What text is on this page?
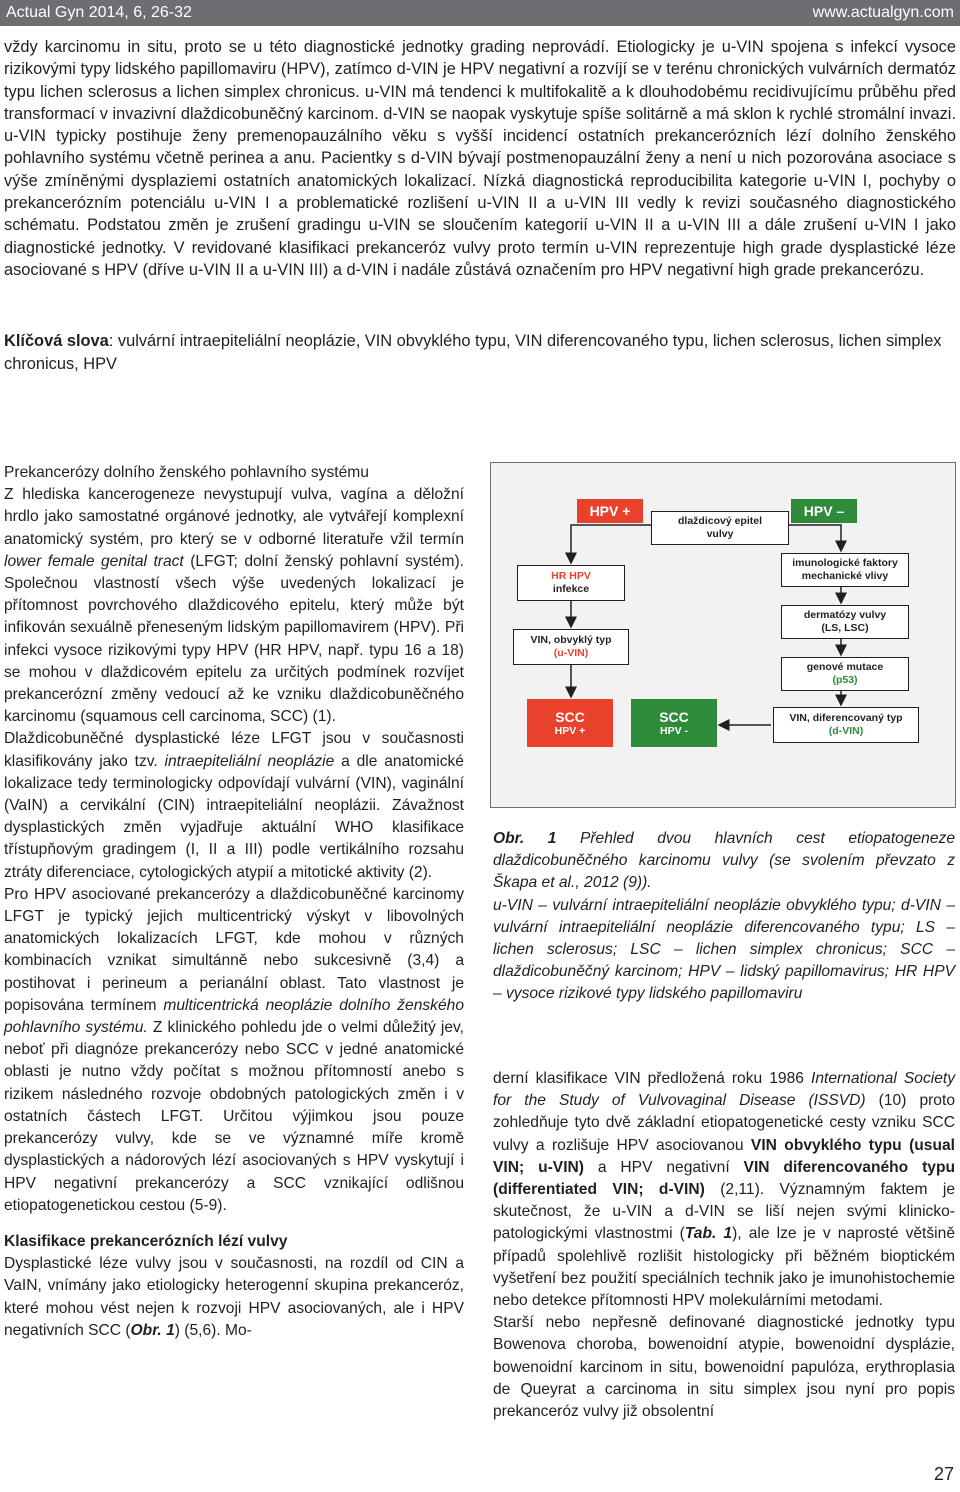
Actual Gyn 2014, 6, 26-32	www.actualgyn.com

vždy karcinomu in situ, proto se u této diagnostické jednotky grading neprovádí. Etiologicky je u-VIN spojena s infekcí vysoce rizikovými typy lidského papillomaviru (HPV), zatímco d-VIN je HPV negativní a rozvíjí se v terénu chronických vulvárních dermatóz typu lichen sclerosus a lichen simplex chronicus. u-VIN má tendenci k multifokalitě a k dlouhodobému recidivujícímu průběhu před transformací v invazivní dlaždicobuněčný karcinom. d-VIN se naopak vyskytuje spíše solitárně a má sklon k rychlé stromální invazi. u-VIN typicky postihuje ženy premenopauzálního věku s vyšší incidencí ostatních prekancerózních lézí dolního ženského pohlavního systému včetně perinea a anu. Pacientky s d-VIN bývají postmenopauzální ženy a není u nich pozorována asociace s výše zmíněnými dysplaziemi ostatních anatomických lokalizací. Nízká diagnostická reproducibilita kategorie u-VIN I, pochyby o prekancerózním potenciálu u-VIN I a problematické rozlišení u-VIN II a u-VIN III vedly k revizi současného diagnostického schématu. Podstatou změn je zrušení gradingu u-VIN se sloučením kategorií u-VIN II a u-VIN III a dále zrušení u-VIN I jako diagnostické jednotky. V revidované klasifikaci prekanceróz vulvy proto termín u-VIN reprezentuje high grade dysplastické léze asociované s HPV (dříve u-VIN II a u-VIN III) a d-VIN i nadále zůstává označením pro HPV negativní high grade prekancerózu.

Klíčová slova: vulvární intraepiteliální neoplázie, VIN obvyklého typu, VIN diferencovaného typu, lichen sclerosus, lichen simplex chronicus, HPV

Prekancerózy dolního ženského pohlavního systému

Z hlediska kancerogeneze nevystupují vulva, vagína a děložní hrdlo jako samostatné orgánové jednotky, ale vytvářejí komplexní anatomický systém, pro který se v odborné literatuře vžil termín lower female genital tract (LFGT; dolní ženský pohlavní systém). Společnou vlastností všech výše uvedených lokalizací je přítomnost povrchového dlaždicového epitelu, který může být infikován sexuálně přeneseným lidským papillomavirem (HPV). Při infekci vysoce rizikovými typy HPV (HR HPV, např. typu 16 a 18) se mohou v dlaždicovém epitelu za určitých podmínek rozvíjet prekancerózní změny vedoucí až ke vzniku dlaždicobuněčného karcinomu (squamous cell carcinoma, SCC) (1).

Dlaždicobuněčné dysplastické léze LFGT jsou v současnosti klasifikovány jako tzv. intraepiteliální neoplázie a dle anatomické lokalizace tedy terminologicky odpovídají vulvární (VIN), vaginální (VaIN) a cervikální (CIN) intraepiteliální neoplázii. Závažnost dysplastických změn vyjadřuje aktuální WHO klasifikace třístupňovým gradingem (I, II a III) podle vertikálního rozsahu ztráty diferenciace, cytologických atypií a mitotické aktivity (2).

Pro HPV asociované prekancerózy a dlaždicobuněčné karcinomy LFGT je typický jejich multicentrický výskyt v libovolných anatomických lokalizacích LFGT, kde mohou v různých kombinacích vznikat simultánně nebo sukcesivně (3,4) a postihovat i perineum a perianální oblast. Tato vlastnost je popisována termínem multicentrická neoplázie dolního ženského pohlavního systému. Z klinického pohledu jde o velmi důležitý jev, neboť při diagnóze prekancerózy nebo SCC v jedné anatomické oblasti je nutno vždy počítat s možnou přítomností anebo s rizikem následného rozvoje obdobných patologických změn i v ostatních částech LFGT. Určitou výjimkou jsou pouze prekancerózy vulvy, kde se ve významné míře kromě dysplastických a nádorových lézí asociovaných s HPV vyskytují i HPV negativní prekancerózy a SCC vznikající odlišnou etiopatogenetickou cestou (5-9).

Klasifikace prekancerózních lézí vulvy

Dysplastické léze vulvy jsou v současnosti, na rozdíl od CIN a VaIN, vnímány jako etiologicky heterogenní skupina prekanceróz, které mohou vést nejen k rozvoji HPV asociovaných, ale i HPV negativních SCC (Obr. 1) (5,6). Mo-

HPV +	HPV –
dlaždicový epitel
vulvy
HR HPV
infekce
VIN, obvyklý typ
(u-VIN)
imunologické faktory
mechanické vlivy
dermatózy vulvy
(LS, LSC)
genové mutace
(p53)
SCC
HPV +
SCC
HPV -
VIN, diferencovaný typ
(d-VIN)

Obr. 1 Přehled dvou hlavních cest etiopatogeneze dlaždicobuněčného karcinomu vulvy (se svolením převzato z Škapa et al., 2012 (9)).

u-VIN – vulvární intraepiteliální neoplázie obvyklého typu; d-VIN – vulvární intraepiteliální neoplázie diferencovaného typu; LS – lichen sclerosus; LSC – lichen simplex chronicus; SCC – dlaždicobuněčný karcinom; HPV – lidský papillomavirus; HR HPV – vysoce rizikové typy lidského papillomaviru

derní klasifikace VIN předložená roku 1986 International Society for the Study of Vulvovaginal Disease (ISSVD) (10) proto zohledňuje tyto dvě základní etiopatogenetické cesty vzniku SCC vulvy a rozlišuje HPV asociovanou VIN obvyklého typu (usual VIN; u-VIN) a HPV negativní VIN diferencovaného typu (differentiated VIN; d-VIN) (2,11). Významným faktem je skutečnost, že u-VIN a d-VIN se liší nejen svými klinicko-patologickými vlastnostmi (Tab. 1), ale lze je v naprosté většině případů spolehlivě rozlišit histologicky při běžném bioptickém vyšetření bez použití speciálních technik jako je imunohistochemie nebo detekce přítomnosti HPV molekulárními metodami.

Starší nebo nepřesně definované diagnostické jednotky typu Bowenova choroba, bowenoidní atypie, bowenoidní dysplázie, bowenoidní karcinom in situ, bowenoidní papulóza, erythroplasia de Queyrat a carcinoma in situ simplex jsou nyní pro popis prekanceróz vulvy již obsolentní

27
